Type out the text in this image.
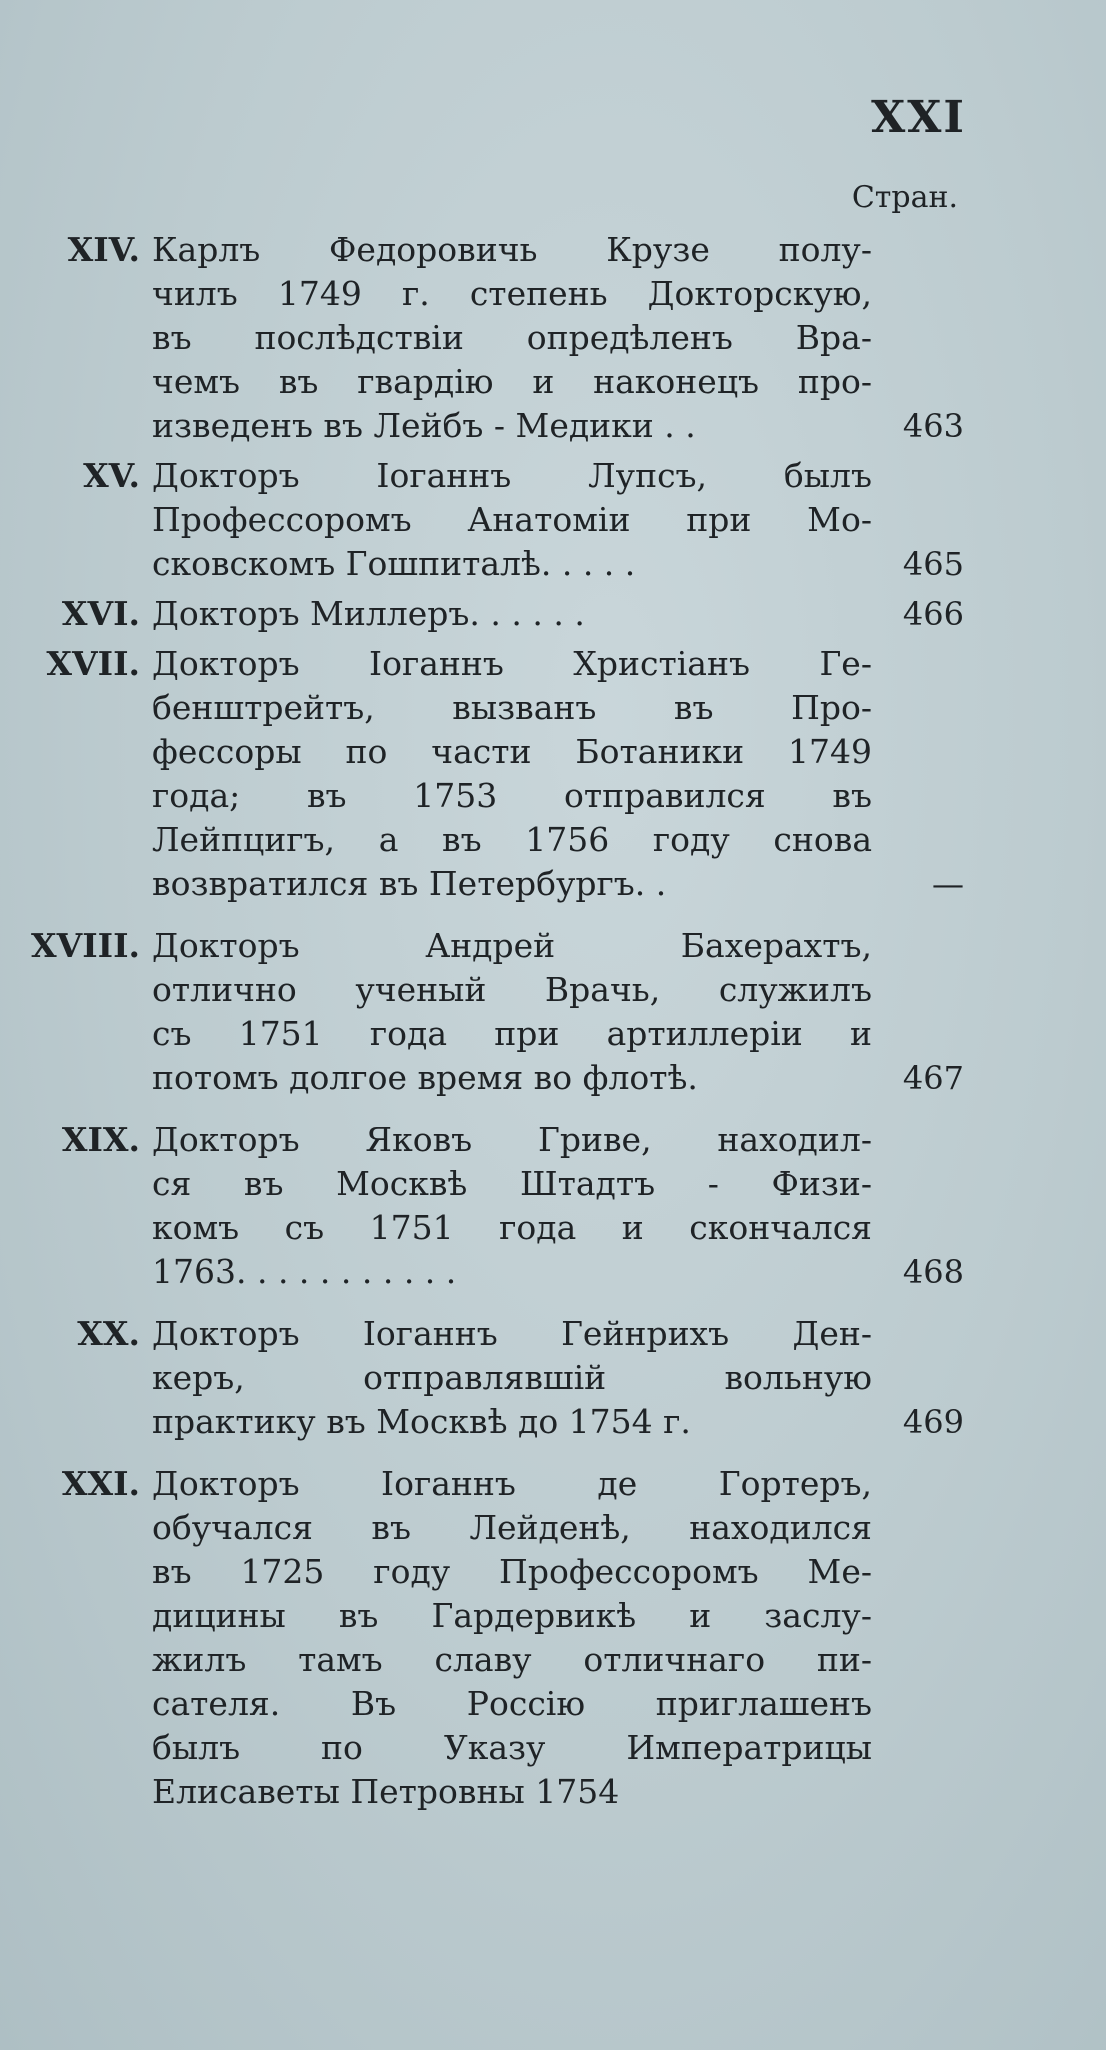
XXI
Стран.
XIV. Карлъ Федоровичь Крузе полу-
чилъ 1749 г. степень Докторскую,
въ послѣдствіи опредѣленъ Вра-
чемъ въ гвардію и наконецъ про-
изведенъ въ Лейбъ - Медики . .	463
XV. Докторъ Іоганнъ Лупсъ, былъ
Профессоромъ Анатоміи при Мо-
сковскомъ Гошпиталѣ. . . . .	465
XVI. Докторъ Миллеръ. . . . . .	466
XVII. Докторъ Іоганнъ Христіанъ Ге-
бенштрейтъ, вызванъ въ Про-
фессоры по части Ботаники 1749
года; въ 1753 отправился въ
Лейпцигъ, а въ 1756 году снова
возвратился въ Петербургъ. .	—
XVIII. Докторъ Андрей Бахерахтъ,
отлично ученый Врачь, служилъ
съ 1751 года при артиллеріи и
потомъ долгое время во флотѣ.	467
XIX. Докторъ Яковъ Гриве, находил-
ся въ Москвѣ Штадтъ - Физи-
комъ съ 1751 года и скончался
1763. . . . . . . . . . .	468
XX. Докторъ Іоганнъ Гейнрихъ Ден-
керъ, отправлявшій вольную
практику въ Москвѣ до 1754 г.	469
XXI. Докторъ Іоганнъ де Гортеръ,
обучался въ Лейденѣ, находился
въ 1725 году Профессоромъ Ме-
дицины въ Гардервикѣ и заслу-
жилъ тамъ славу отличнаго пи-
сателя. Въ Россію приглашенъ
былъ по Указу Императрицы
Елисаветы Петровны 1754
